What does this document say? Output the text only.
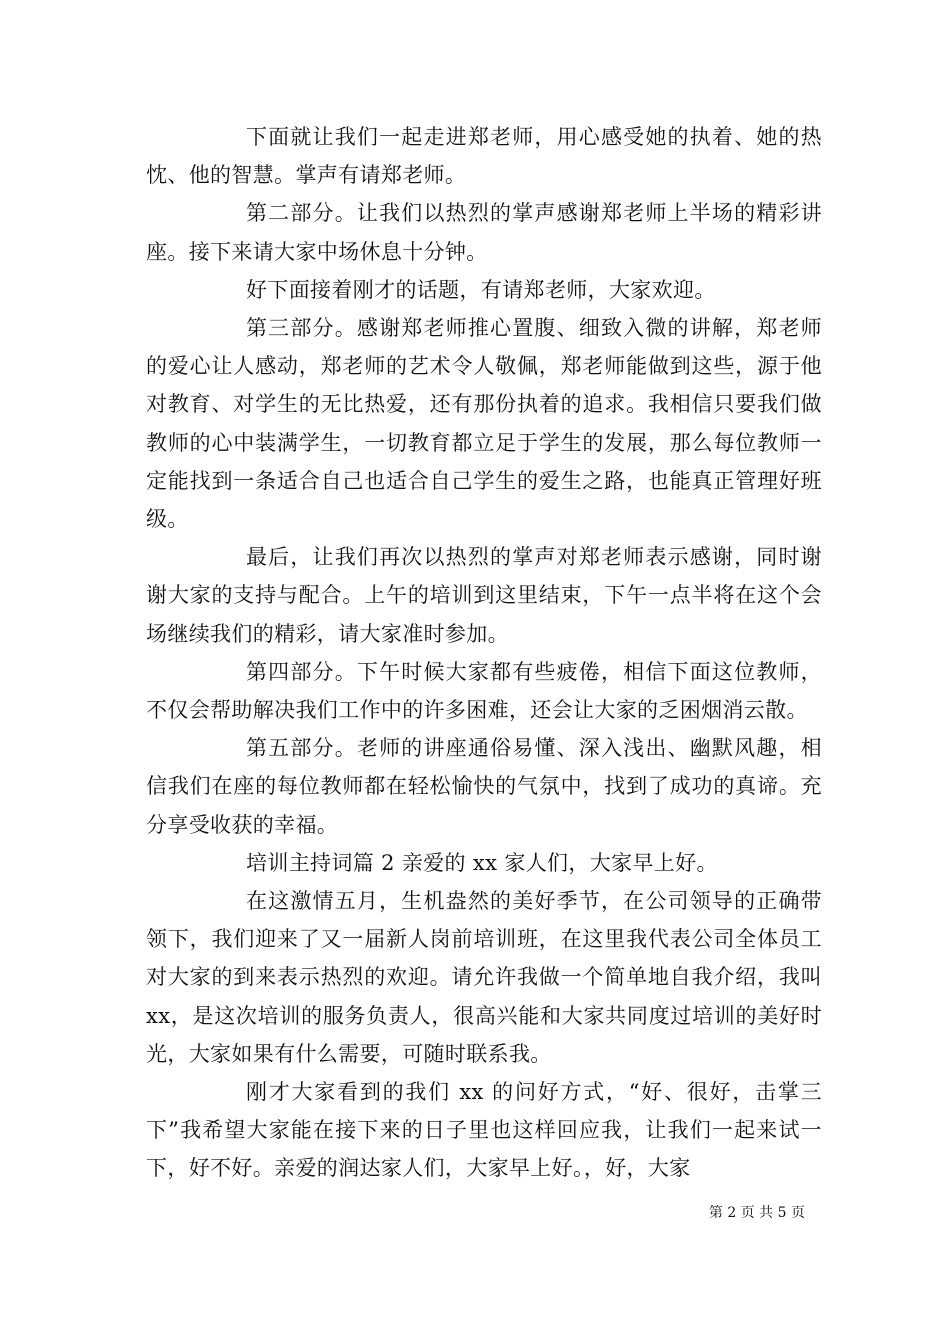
下面就让我们一起走进郑老师，用心感受她的执着、她的热忱、他的智慧。掌声有请郑老师。

第二部分。让我们以热烈的掌声感谢郑老师上半场的精彩讲座。接下来请大家中场休息十分钟。

好下面接着刚才的话题，有请郑老师，大家欢迎。

第三部分。感谢郑老师推心置腹、细致入微的讲解，郑老师的爱心让人感动，郑老师的艺术令人敬佩，郑老师能做到这些，源于他对教育、对学生的无比热爱，还有那份执着的追求。我相信只要我们做教师的心中装满学生，一切教育都立足于学生的发展，那么每位教师一定能找到一条适合自己也适合自己学生的爱生之路，也能真正管理好班级。

最后，让我们再次以热烈的掌声对郑老师表示感谢，同时谢谢大家的支持与配合。上午的培训到这里结束，下午一点半将在这个会场继续我们的精彩，请大家准时参加。

第四部分。下午时候大家都有些疲倦，相信下面这位教师，不仅会帮助解决我们工作中的许多困难，还会让大家的乏困烟消云散。

第五部分。老师的讲座通俗易懂、深入浅出、幽默风趣，相信我们在座的每位教师都在轻松愉快的气氛中，找到了成功的真谛。充分享受收获的幸福。

培训主持词篇 2 亲爱的 xx 家人们，大家早上好。

在这激情五月，生机盎然的美好季节，在公司领导的正确带领下，我们迎来了又一届新人岗前培训班，在这里我代表公司全体员工对大家的到来表示热烈的欢迎。请允许我做一个简单地自我介绍，我叫 xx，是这次培训的服务负责人，很高兴能和大家共同度过培训的美好时光，大家如果有什么需要，可随时联系我。

刚才大家看到的我们 xx 的问好方式，“好、很好，击掌三下”我希望大家能在接下来的日子里也这样回应我，让我们一起来试一下，好不好。亲爱的润达家人们，大家早上好。，好，大家

第 2 页 共 5 页
